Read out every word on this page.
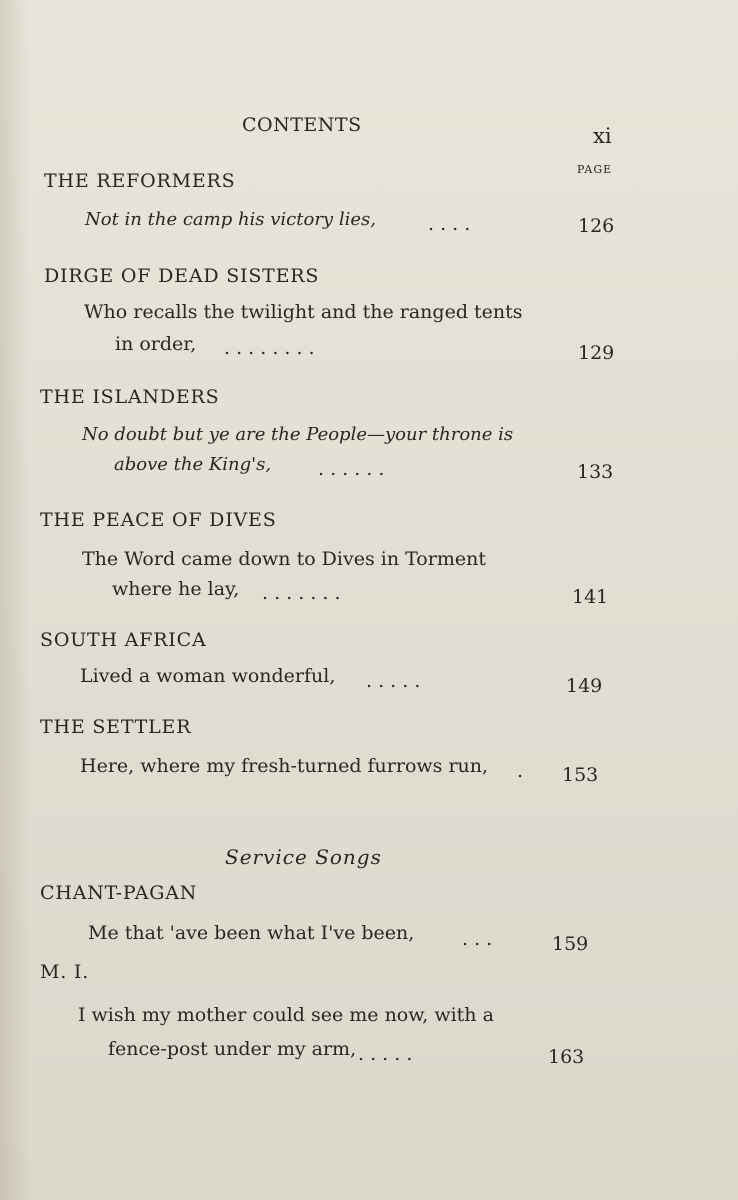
CONTENTS	xi
PAGE
THE REFORMERS
Not in the camp his victory lies,	. . . .	126
DIRGE OF DEAD SISTERS
Who recalls the twilight and the ranged tents
in order, . . . . . . . .	129
THE ISLANDERS
No doubt but ye are the People—your throne is
above the King's, . . . . . .	133
THE PEACE OF DIVES
The Word came down to Dives in Torment
where he lay, . . . . . . .	141
SOUTH AFRICA
Lived a woman wonderful, . . . . .	149
THE SETTLER
Here, where my fresh-turned furrows run, . 153
Service Songs
CHANT-PAGAN
Me that 'ave been what I've been,	. . .	159
M. I.
I wish my mother could see me now, with a
fence-post under my arm, . . . . .	163
